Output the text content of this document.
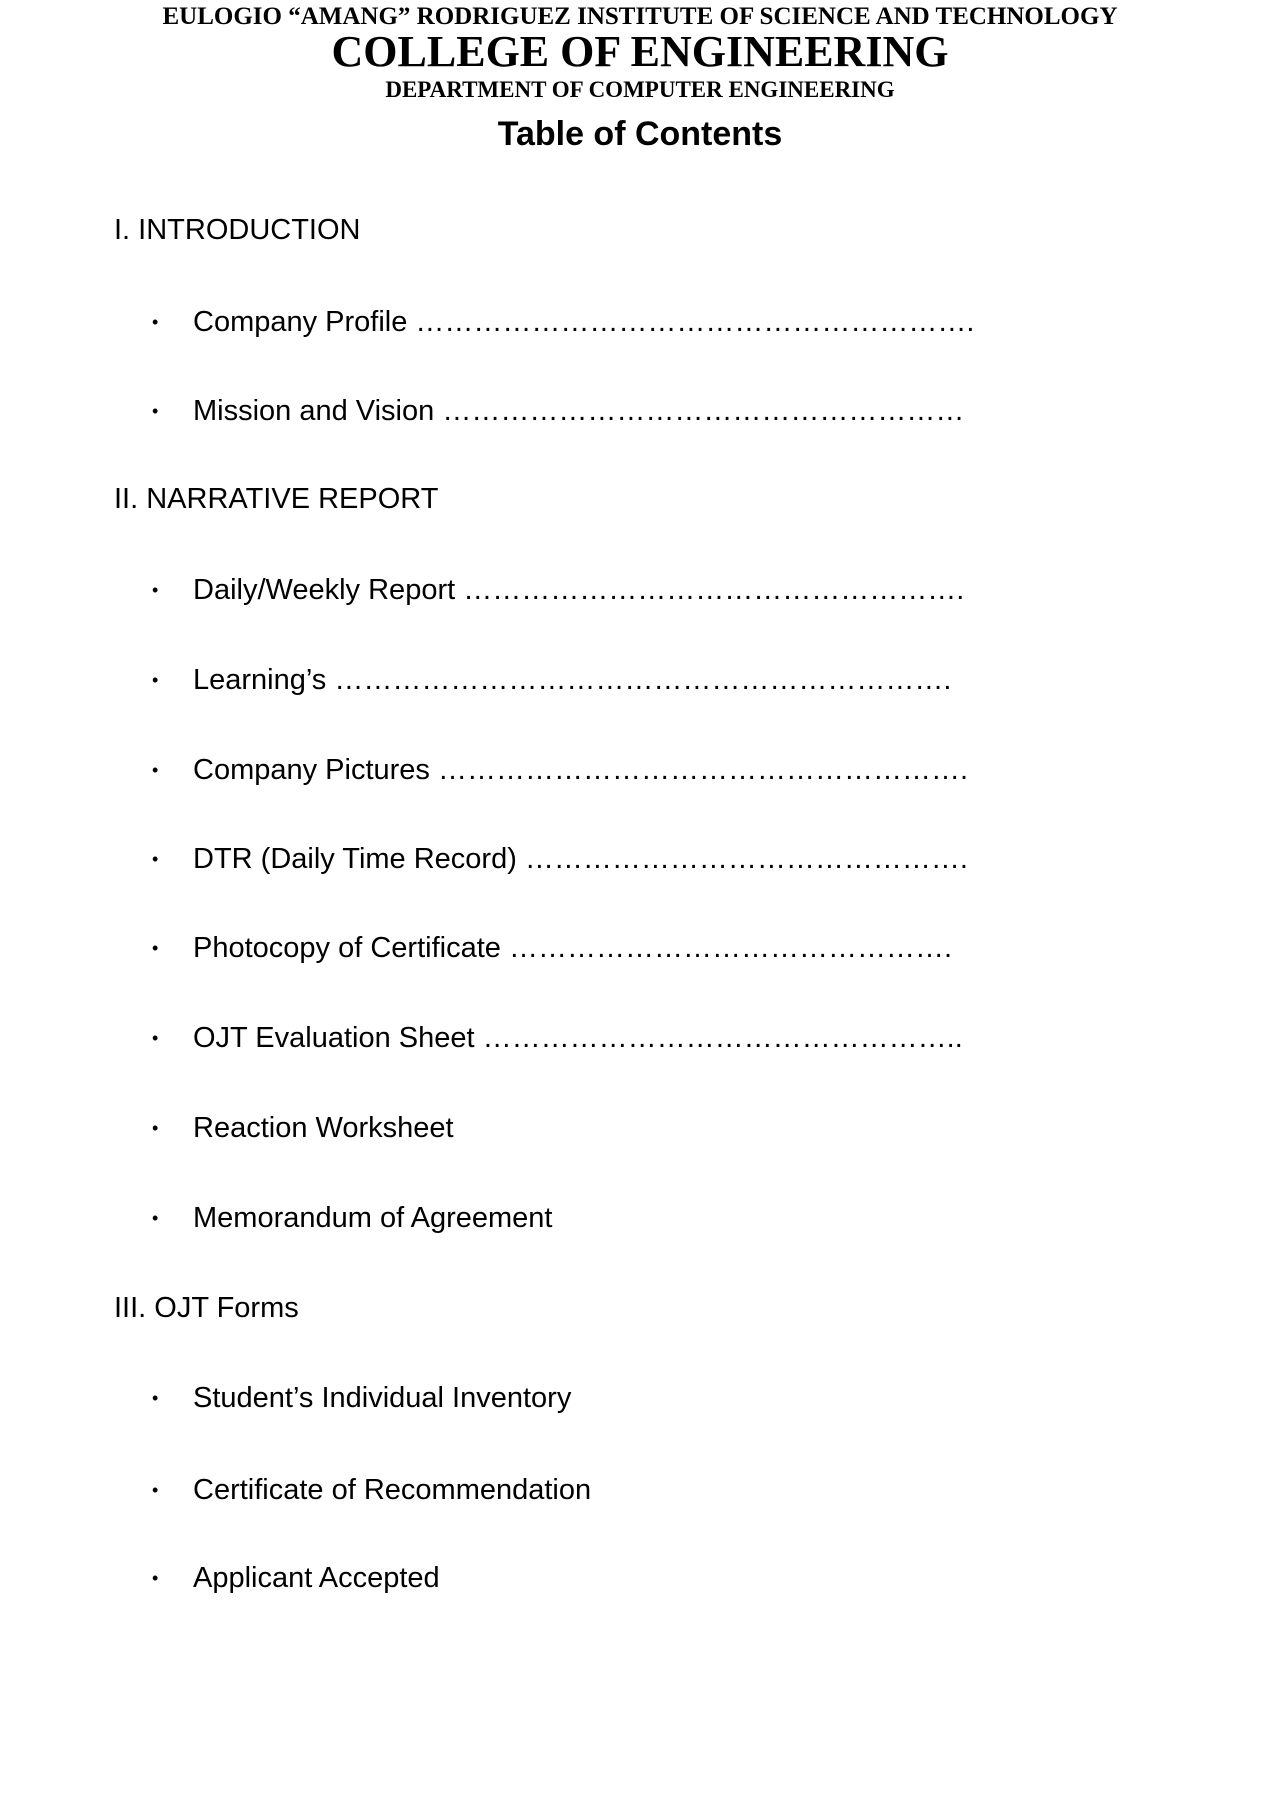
EULOGIO “AMANG” RODRIGUEZ INSTITUTE OF SCIENCE AND TECHNOLOGY

COLLEGE OF ENGINEERING

DEPARTMENT OF COMPUTER ENGINEERING

Table of Contents

I. INTRODUCTION

• Company Profile ………………………………………………….
• Mission and Vision ………………………………………………

II. NARRATIVE REPORT

• Daily/Weekly Report …………………………………………….
• Learning’s ……………………………………………………….
• Company Pictures ……………………………………………….
• DTR (Daily Time Record) ……………………………………….
• Photocopy of Certificate ……………………………………….
• OJT Evaluation Sheet …………………………………………..
• Reaction Worksheet
• Memorandum of Agreement

III. OJT Forms

• Student’s Individual Inventory
• Certificate of Recommendation
• Applicant Accepted
